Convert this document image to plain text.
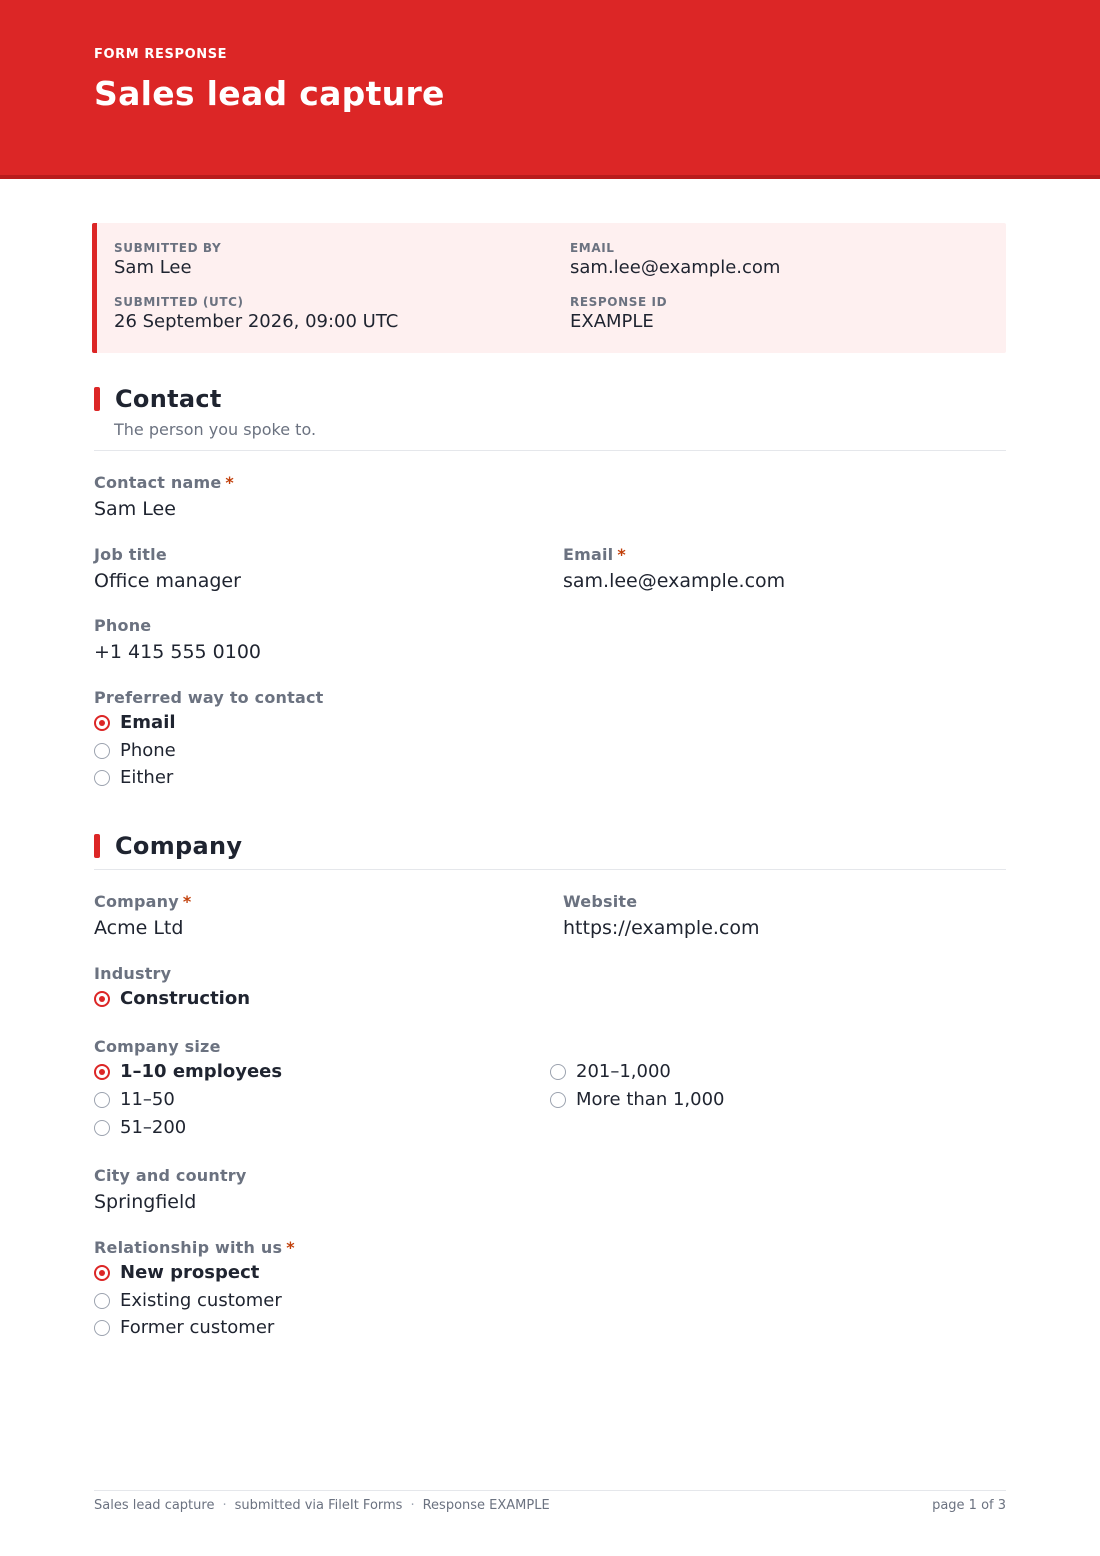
FORM RESPONSE
Sales lead capture
SUBMITTED BY
Sam Lee
EMAIL
sam.lee@example.com
SUBMITTED (UTC)
26 September 2026, 09:00 UTC
RESPONSE ID
EXAMPLE
Contact
The person you spoke to.
Contact name *
Sam Lee
Job title
Office manager
Email *
sam.lee@example.com
Phone
+1 415 555 0100
Preferred way to contact
Email
Phone
Either
Company
Company *
Acme Ltd
Website
https://example.com
Industry
Construction
Company size
1–10 employees
11–50
51–200
201–1,000
More than 1,000
City and country
Springfield
Relationship with us *
New prospect
Existing customer
Former customer
Sales lead capture · submitted via FileIt Forms · Response EXAMPLE	page 1 of 3
